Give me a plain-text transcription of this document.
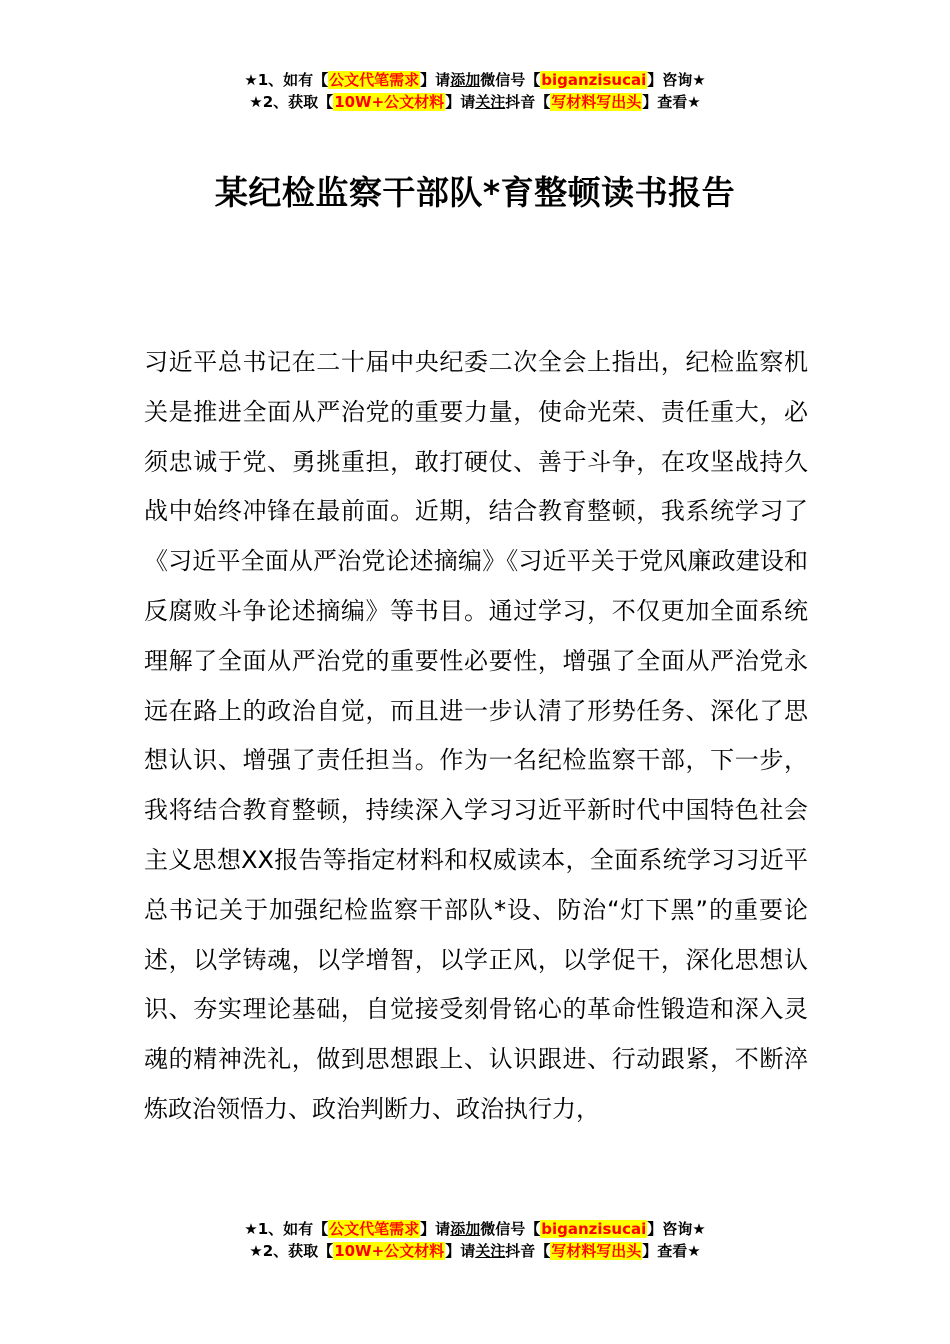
★1、如有【公文代笔需求】请添加微信号【biganzisucai】咨询★
★2、获取【10W+公文材料】请关注抖音【写材料写出头】查看★
某纪检监察干部队*育整顿读书报告

习近平总书记在二十届中央纪委二次全会上指出，纪检监察机关是推进全面从严治党的重要力量，使命光荣、责任重大，必须忠诚于党、勇挑重担，敢打硬仗、善于斗争，在攻坚战持久战中始终冲锋在最前面。近期，结合教育整顿，我系统学习了《习近平全面从严治党论述摘编》《习近平关于党风廉政建设和反腐败斗争论述摘编》等书目。通过学习，不仅更加全面系统理解了全面从严治党的重要性必要性，增强了全面从严治党永远在路上的政治自觉，而且进一步认清了形势任务、深化了思想认识、增强了责任担当。作为一名纪检监察干部，下一步，我将结合教育整顿，持续深入学习习近平新时代中国特色社会主义思想XX报告等指定材料和权威读本，全面系统学习习近平总书记关于加强纪检监察干部队*设、防治“灯下黑”的重要论述，以学铸魂，以学增智，以学正风，以学促干，深化思想认识、夯实理论基础，自觉接受刻骨铭心的革命性锻造和深入灵魂的精神洗礼，做到思想跟上、认识跟进、行动跟紧，不断淬炼政治领悟力、政治判断力、政治执行力，

★1、如有【公文代笔需求】请添加微信号【biganzisucai】咨询★
★2、获取【10W+公文材料】请关注抖音【写材料写出头】查看★
